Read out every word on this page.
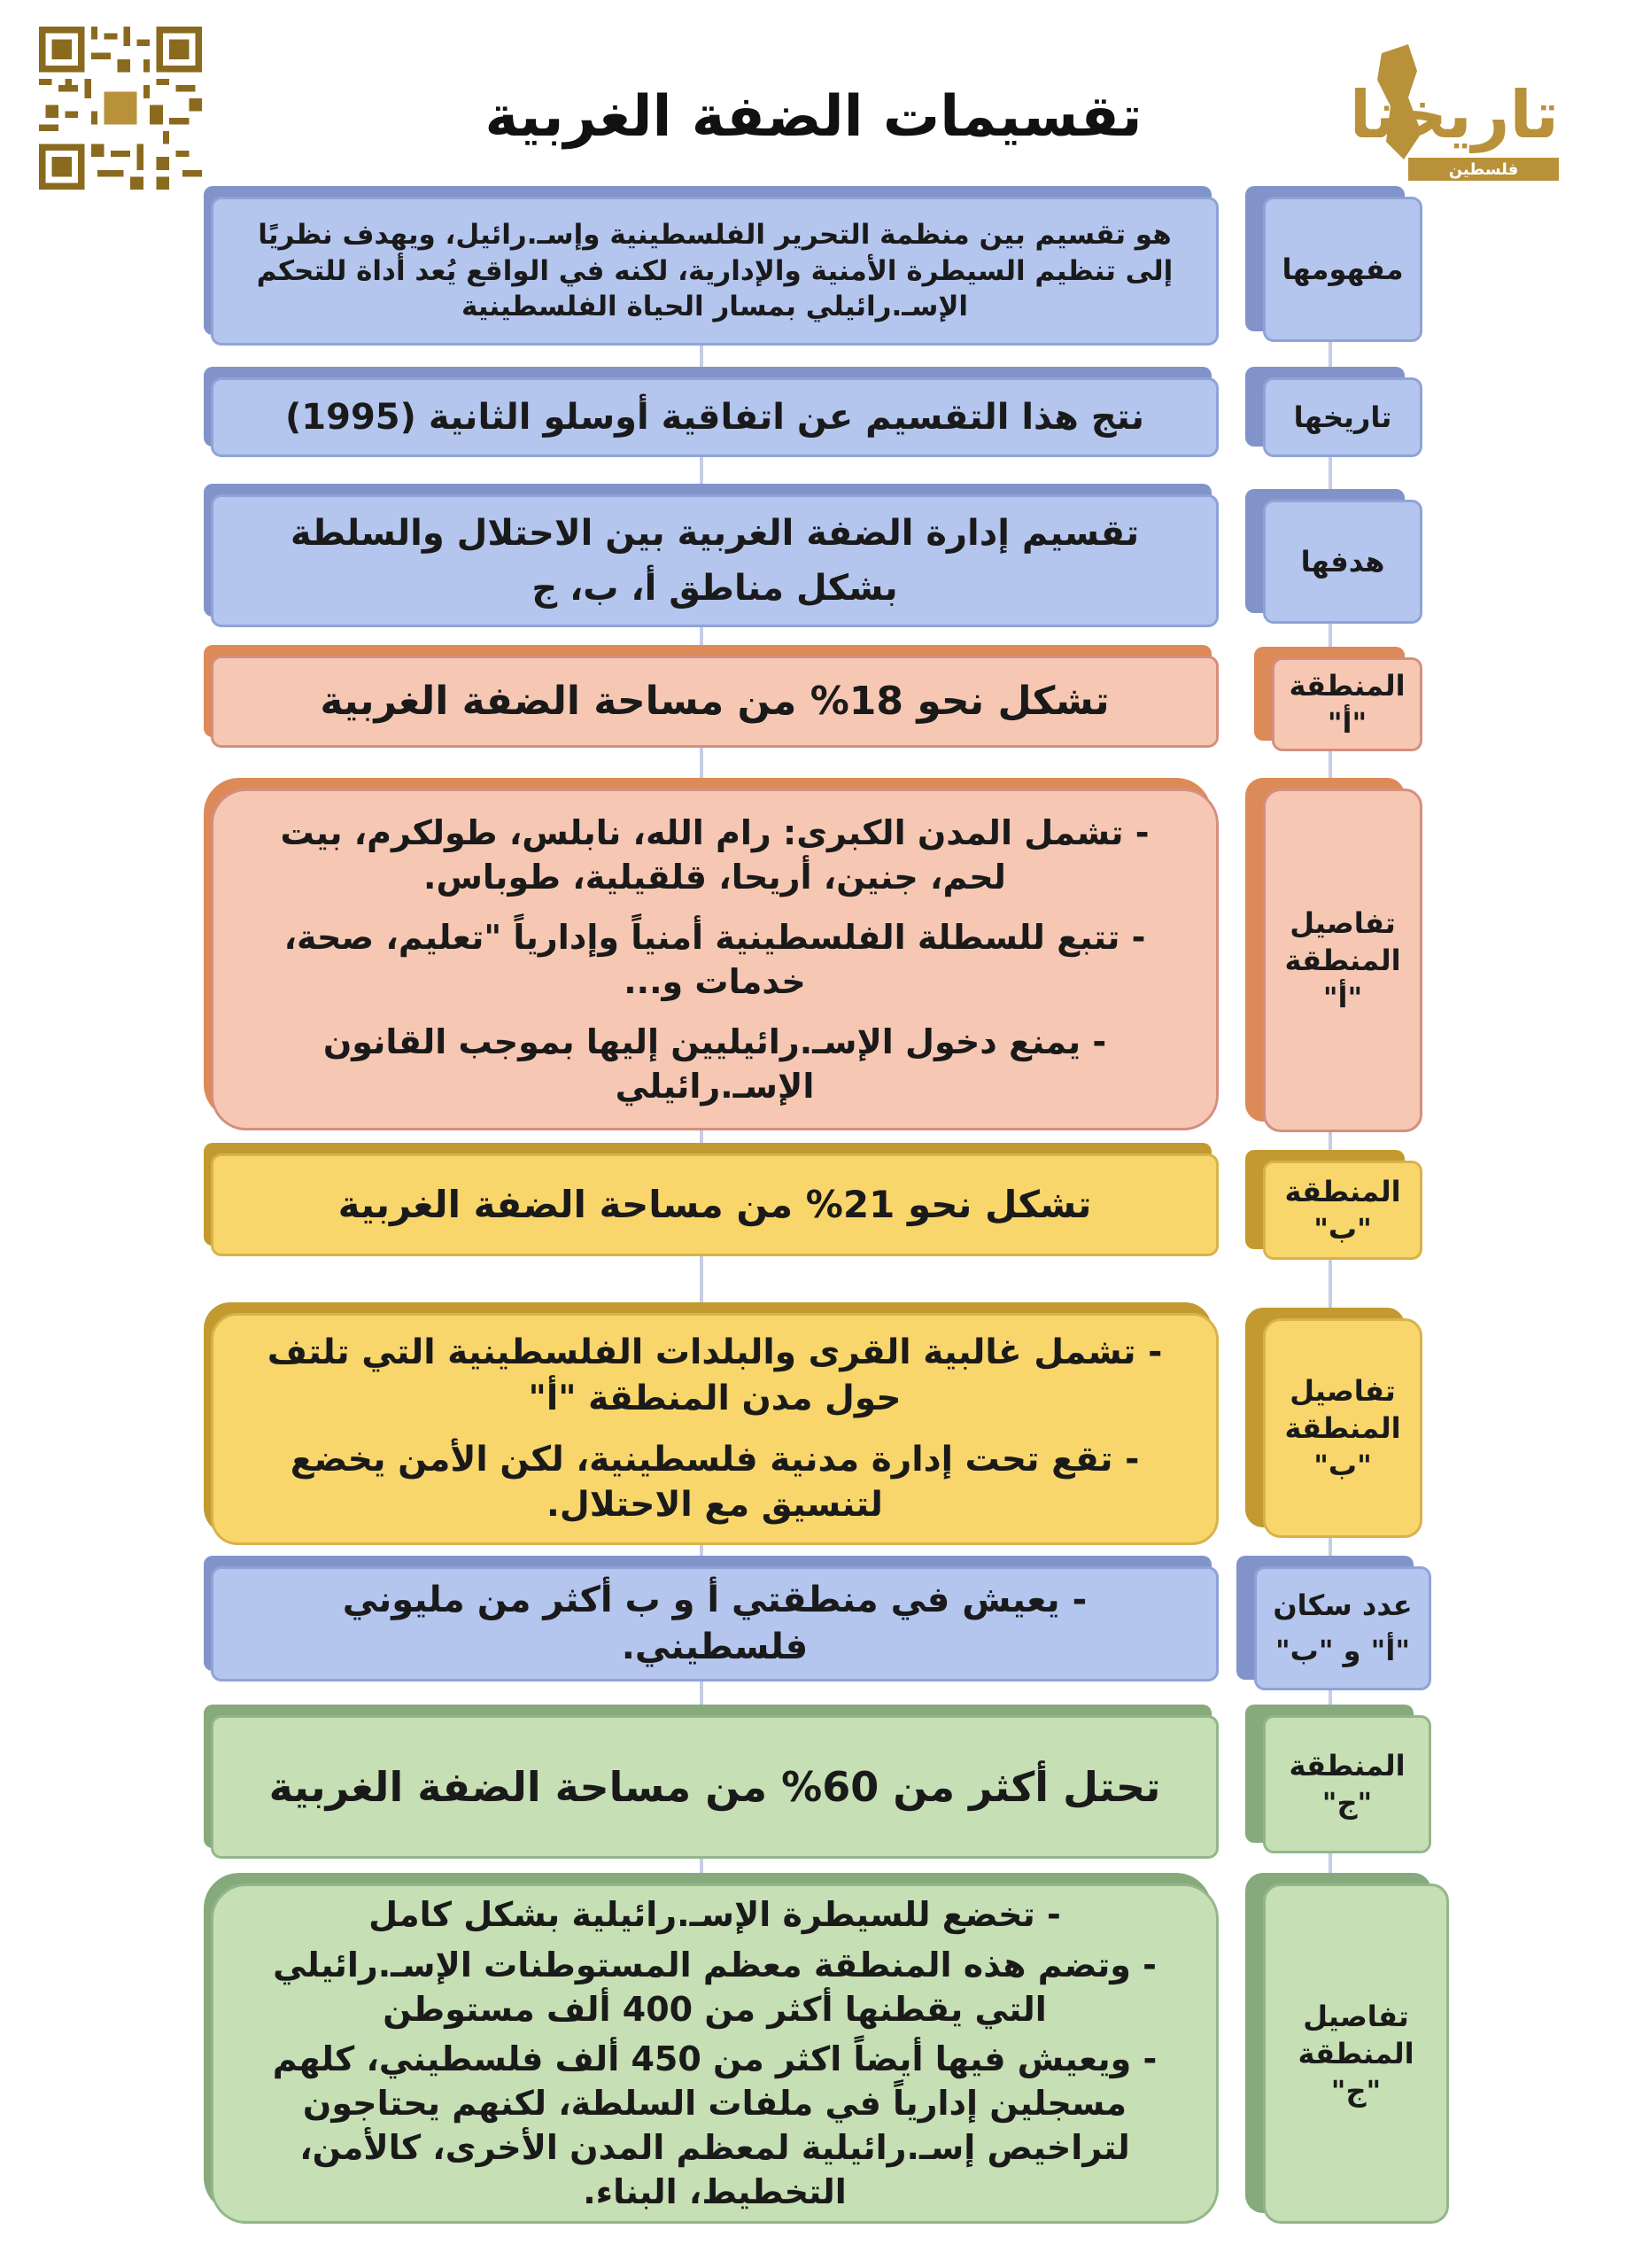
تاريخنا
فلسطين
تقسيمات الضفة الغربية
هو تقسيم بين منظمة التحرير الفلسطينية وإسـ.رائيل، ويهدف نظريًا إلى تنظيم السيطرة الأمنية والإدارية، لكنه في الواقع يُعد أداة للتحكم الإسـ.رائيلي بمسار الحياة الفلسطينية
مفهومها
نتج هذا التقسيم عن اتفاقية أوسلو الثانية (1995)	تاريخها
تقسيم إدارة الضفة الغربية بين الاحتلال والسلطة بشكل مناطق أ، ب، ج
هدفها
تشكل نحو 18% من مساحة الضفة الغربية	المنطقة "أ"

- تشمل المدن الكبرى: رام الله، نابلس، طولكرم، بيت لحم، جنين، أريحا، قلقيلية، طوباس.

- تتبع للسطلة الفلسطينية أمنياً وإدارياً "تعليم، صحة، خدمات و...

- يمنع دخول الإسـ.رائيليين إليها بموجب القانون الإسـ.رائيلي

تفاصيل المنطقة "أ"
تشكل نحو 21% من مساحة الضفة الغربية	المنطقة "ب"

- تشمل غالبية القرى والبلدات الفلسطينية التي تلتف حول مدن المنطقة "أ"

- تقع تحت إدارة مدنية فلسطينية، لكن الأمن يخضع لتنسيق مع الاحتلال.

تفاصيل المنطقة "ب"
- يعيش في منطقتي أ و ب أكثر من مليوني فلسطيني.
عدد سكان "أ" و "ب"
تحتل أكثر من 60% من مساحة الضفة الغربية	المنطقة "ج"

- تخضع للسيطرة الإسـ.رائيلية بشكل كامل

- وتضم هذه المنطقة معظم المستوطنات الإسـ.رائيلي التي يقطنها أكثر من 400 ألف مستوطن

- ويعيش فيها أيضاً اكثر من 450 ألف فلسطيني، كلهم مسجلين إدارياً في ملفات السلطة، لكنهم يحتاجون لتراخيص إسـ.رائيلية لمعظم المدن الأخرى، كالأمن، التخطيط، البناء.

تفاصيل المنطقة "ج"
